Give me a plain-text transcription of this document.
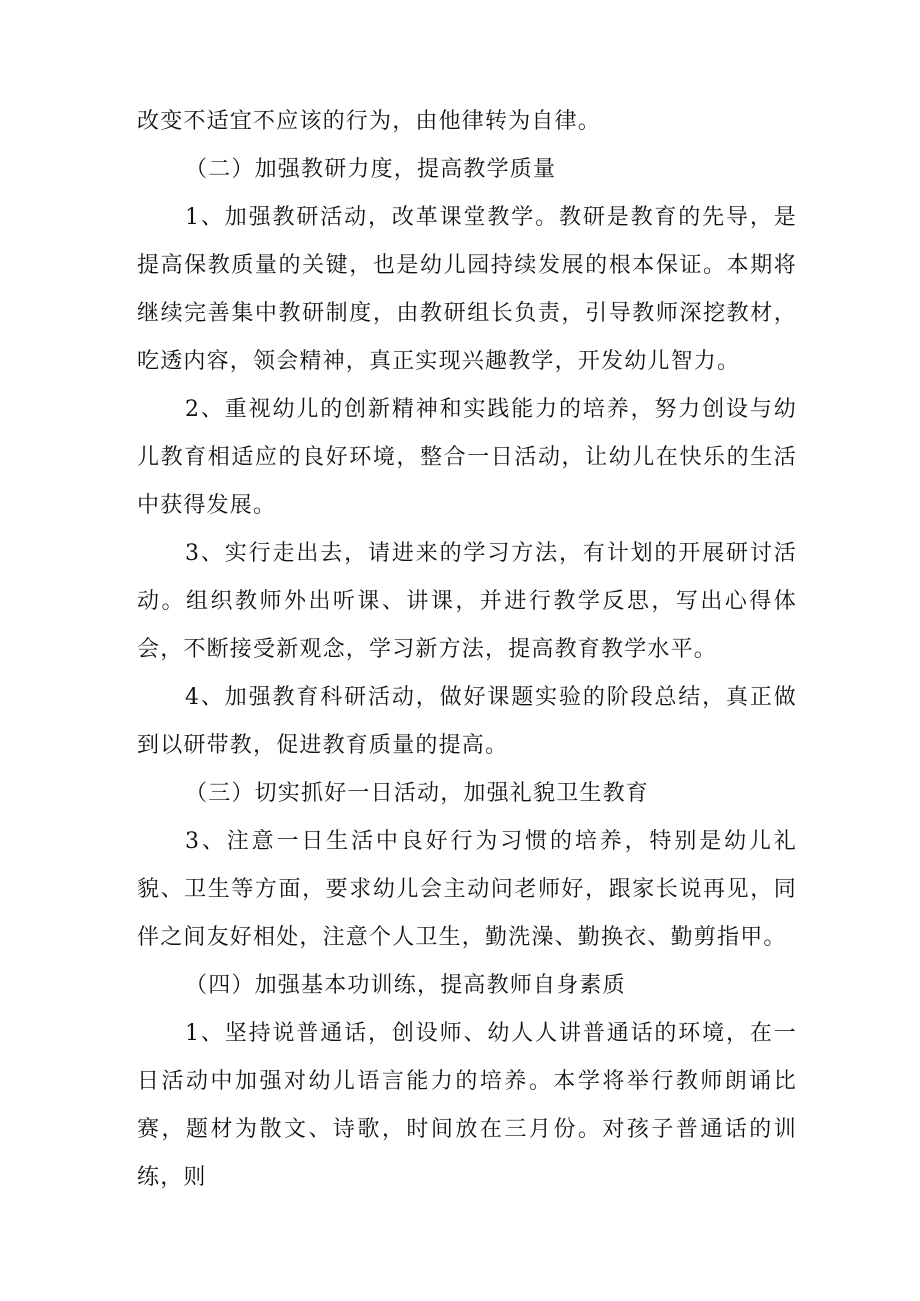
改变不适宜不应该的行为，由他律转为自律。

（二）加强教研力度，提高教学质量

1、加强教研活动，改革课堂教学。教研是教育的先导，是提高保教质量的关键，也是幼儿园持续发展的根本保证。本期将继续完善集中教研制度，由教研组长负责，引导教师深挖教材，吃透内容，领会精神，真正实现兴趣教学，开发幼儿智力。

2、重视幼儿的创新精神和实践能力的培养，努力创设与幼儿教育相适应的良好环境，整合一日活动，让幼儿在快乐的生活中获得发展。

3、实行走出去，请进来的学习方法，有计划的开展研讨活动。组织教师外出听课、讲课，并进行教学反思，写出心得体会，不断接受新观念，学习新方法，提高教育教学水平。

4、加强教育科研活动，做好课题实验的阶段总结，真正做到以研带教，促进教育质量的提高。

（三）切实抓好一日活动，加强礼貌卫生教育

3、注意一日生活中良好行为习惯的培养，特别是幼儿礼貌、卫生等方面，要求幼儿会主动问老师好，跟家长说再见，同伴之间友好相处，注意个人卫生，勤洗澡、勤换衣、勤剪指甲。

（四）加强基本功训练，提高教师自身素质

1、坚持说普通话，创设师、幼人人讲普通话的环境，在一日活动中加强对幼儿语言能力的培养。本学将举行教师朗诵比赛，题材为散文、诗歌，时间放在三月份。对孩子普通话的训练，则
